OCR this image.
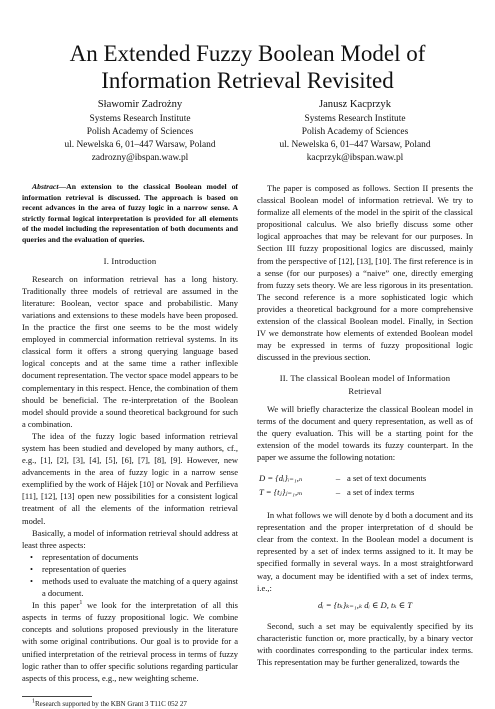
An Extended Fuzzy Boolean Model of Information Retrieval Revisited
Sławomir Zadrożny
Systems Research Institute
Polish Academy of Sciences
ul. Newelska 6, 01–447 Warsaw, Poland
zadrozny@ibspan.waw.pl
Janusz Kacprzyk
Systems Research Institute
Polish Academy of Sciences
ul. Newelska 6, 01–447 Warsaw, Poland
kacprzyk@ibspan.waw.pl

Abstract—An extension to the classical Boolean model of information retrieval is discussed. The approach is based on recent advances in the area of fuzzy logic in a narrow sense. A strictly formal logical interpretation is provided for all elements of the model including the representation of both documents and queries and the evaluation of queries.

I. Introduction

Research on information retrieval has a long history. Traditionally three models of retrieval are assumed in the literature: Boolean, vector space and probabilistic. Many variations and extensions to these models have been proposed. In the practice the first one seems to be the most widely employed in commercial information retrieval systems. In its classical form it offers a strong querying language based logical concepts and at the same time a rather inflexible document representation. The vector space model appears to be complementary in this respect. Hence, the combination of them should be beneficial. The re-interpretation of the Boolean model should provide a sound theoretical background for such a combination.

The idea of the fuzzy logic based information retrieval system has been studied and developed by many authors, cf., e.g., [1], [2], [3], [4], [5], [6], [7], [8], [9]. However, new advancements in the area of fuzzy logic in a narrow sense exemplified by the work of Hájek [10] or Novak and Perfilieva [11], [12], [13] open new possibilities for a consistent logical treatment of all the elements of the information retrieval model.

Basically, a model of information retrieval should address at least three aspects:

• representation of documents
• representation of queries
• methods used to evaluate the matching of a query against a document.

In this paper$^1$ we look for the interpretation of all this aspects in terms of fuzzy propositional logic. We combine concepts and solutions proposed previously in the literature with some original contributions. Our goal is to provide for a unified interpretation of the retrieval process in terms of fuzzy logic rather than to offer specific solutions regarding particular aspects of this process, e.g., new weighting scheme.

$^1$Research supported by the KBN Grant 3 T11C 052 27

The paper is composed as follows. Section II presents the classical Boolean model of information retrieval. We try to formalize all elements of the model in the spirit of the classical propositional calculus. We also briefly discuss some other logical approaches that may be relevant for our purposes. In Section III fuzzy propositional logics are discussed, mainly from the perspective of [12], [13], [10]. The first reference is in a sense (for our purposes) a “naive” one, directly emerging from fuzzy sets theory. We are less rigorous in its presentation. The second reference is a more sophisticated logic which provides a theoretical background for a more comprehensive extension of the classical Boolean model. Finally, in Section IV we demonstrate how elements of extended Boolean model may be expressed in terms of fuzzy propositional logic discussed in the previous section.

II. The classical Boolean model of Information
Retrieval

We will briefly characterize the classical Boolean model in terms of the document and query representation, as well as of the query evaluation. This will be a starting point for the extension of the model towards its fuzzy counterpart. In the paper we assume the following notation:

D = {dᵢ}ᵢ₌₁,ₙ	– a set of text documents
T = {tⱼ}ⱼ₌₁,ₘ	– a set of index terms

In what follows we will denote by d both a document and its representation and the proper interpretation of d should be clear from the context. In the Boolean model a document is represented by a set of index terms assigned to it. It may be specified formally in several ways. In a most straightforward way, a document may be identified with a set of index terms, i.e.,:

dᵢ = {tₖ}ₖ₌₁,ₖ dᵢ ∈ D, tₖ ∈ T

Second, such a set may be equivalently specified by its characteristic function or, more practically, by a binary vector with coordinates corresponding to the particular index terms. This representation may be further generalized, towards the
